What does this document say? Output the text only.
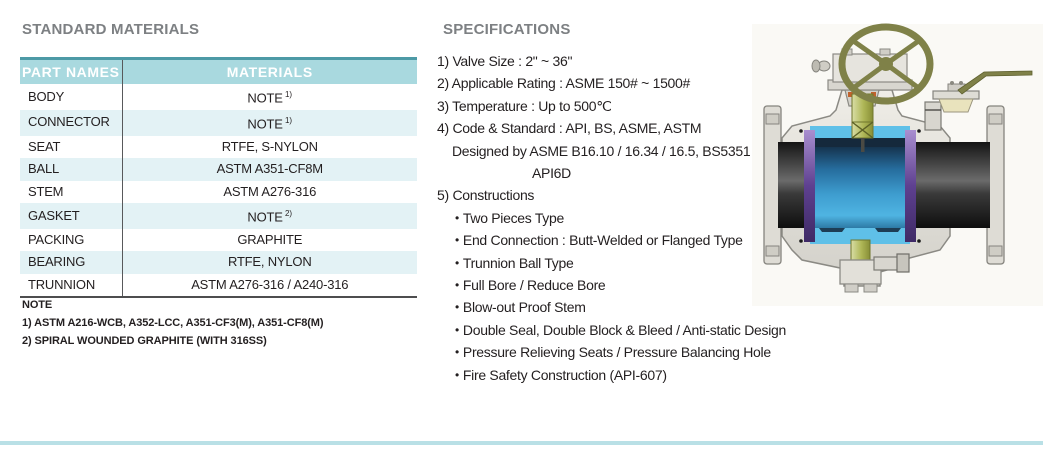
STANDARD MATERIALS
PART NAMES	MATERIALS
BODY	NOTE $^{1)}$
CONNECTOR	NOTE $^{1)}$
SEAT	RTFE, S-NYLON
BALL	ASTM A351-CF8M
STEM	ASTM A276-316
GASKET	NOTE $^{2)}$
PACKING	GRAPHITE
BEARING	RTFE, NYLON
TRUNNION	ASTM A276-316 / A240-316
NOTE
1) ASTM A216-WCB, A352-LCC, A351-CF3(M), A351-CF8(M)
2) SPIRAL WOUNDED GRAPHITE (WITH 316SS)
SPECIFICATIONS
1) Valve Size : 2" ~ 36"
2) Applicable Rating : ASME 150# ~ 1500#
3) Temperature : Up to 500℃
4) Code & Standard : API, BS, ASME, ASTM
Designed by ASME B16.10 / 16.34 / 16.5, BS5351
API6D
5) Constructions
• Two Pieces Type
• End Connection : Butt-Welded or Flanged Type
• Trunnion Ball Type
• Full Bore / Reduce Bore
• Blow-out Proof Stem
• Double Seal, Double Block & Bleed / Anti-static Design
• Pressure Relieving Seats / Pressure Balancing Hole
• Fire Safety Construction (API-607)
